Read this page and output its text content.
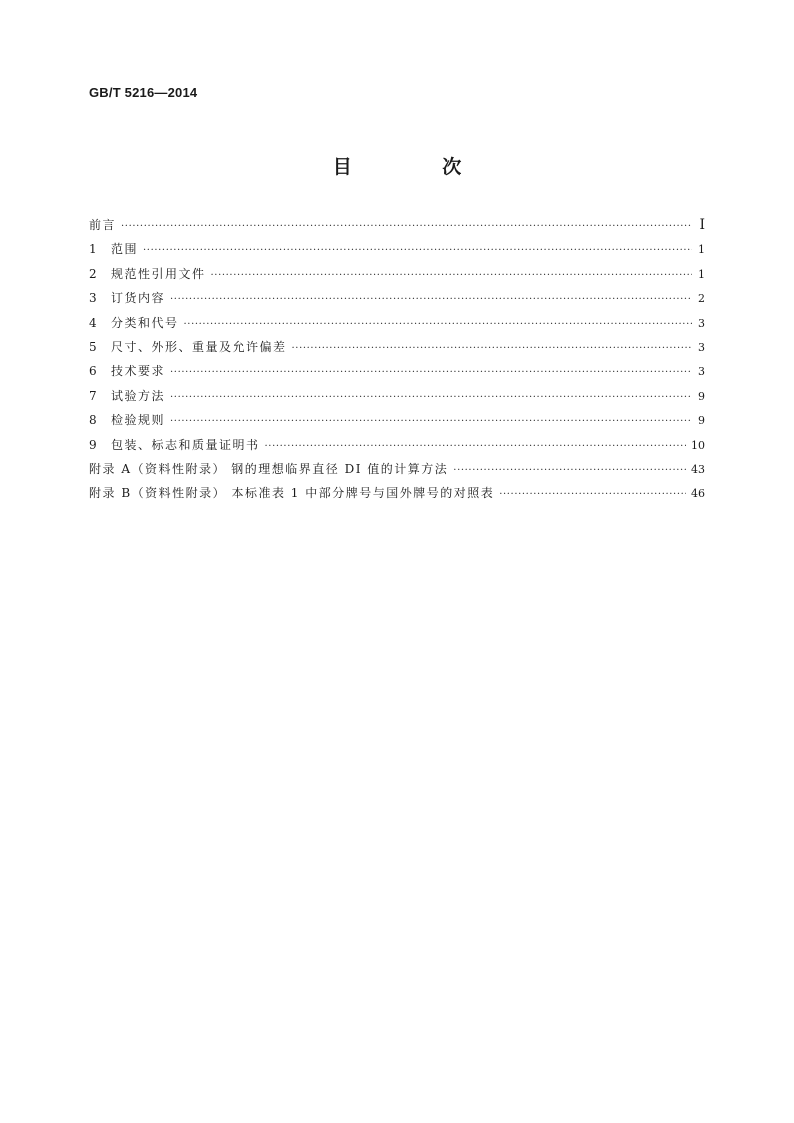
GB/T 5216—2014
目 次
前言 ·····	I
1	范围 ·····	1
2	规范性引用文件 ·····	1
3	订货内容 ·····	2
4	分类和代号 ·····	3
5	尺寸、外形、重量及允许偏差 ·····	3
6	技术要求 ·····	3
7	试验方法 ·····	9
8	检验规则 ·····	9
9	包装、标志和质量证明书 ·····	10
附录 A（资料性附录） 钢的理想临界直径 DI 值的计算方法 ·····	43
附录 B（资料性附录） 本标准表 1 中部分牌号与国外牌号的对照表 ·····	46
